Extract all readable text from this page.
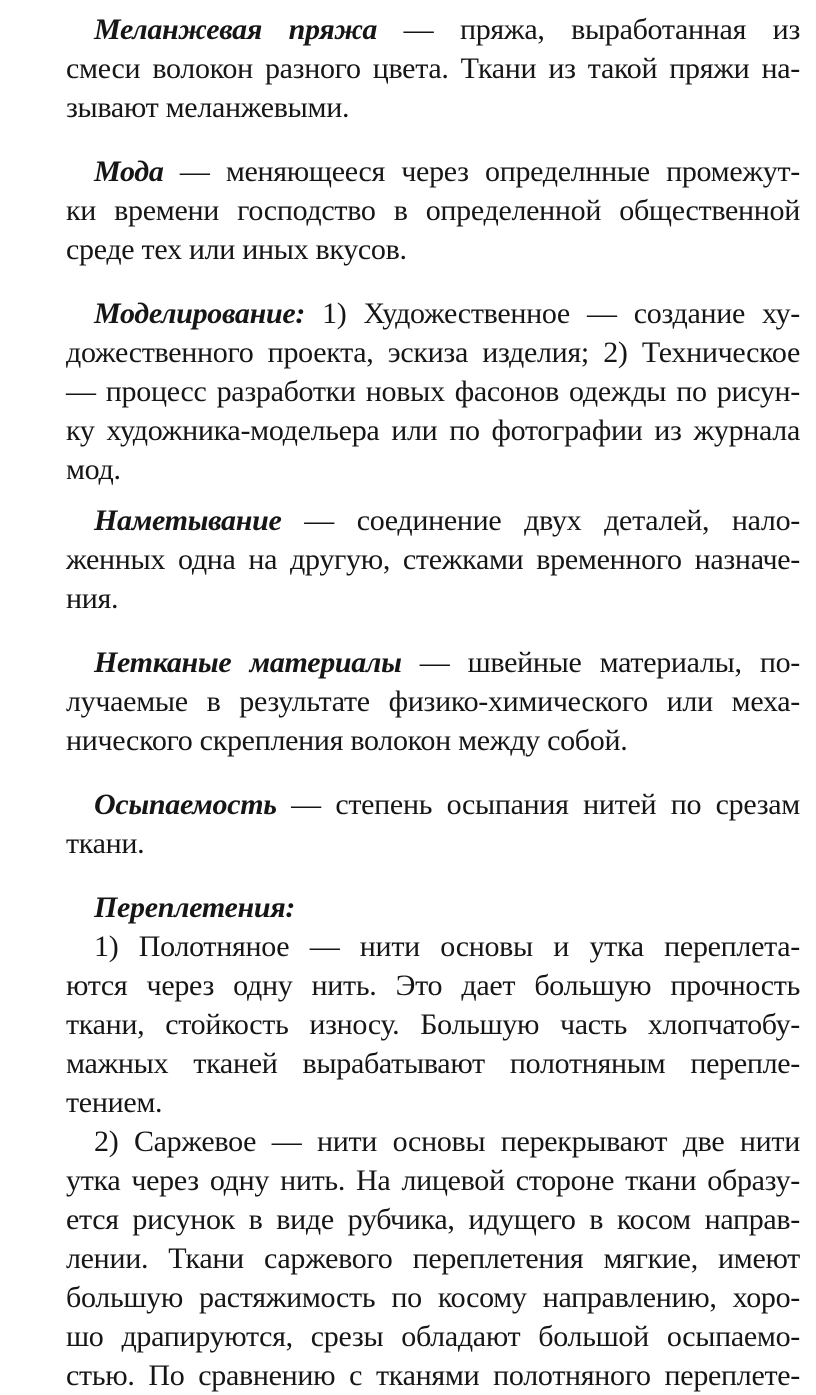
Меланжевая пряжа — пряжа, выработанная из
смеси волокон разного цвета. Ткани из такой пряжи на-
зывают меланжевыми.
Мода — меняющееся через определнные промежут-
ки времени господство в определенной общественной
среде тех или иных вкусов.
Моделирование: 1) Художественное — создание ху-
дожественного проекта, эскиза изделия; 2) Техническое
— процесс разработки новых фасонов одежды по рисун-
ку художника-модельера или по фотографии из журнала
мод.
Наметывание — соединение двух деталей, нало-
женных одна на другую, стежками временного назначе-
ния.
Нетканые материалы — швейные материалы, по-
лучаемые в результате физико-химического или меха-
нического скрепления волокон между собой.
Осыпаемость — степень осыпания нитей по срезам
ткани.
Переплетения:
1) Полотняное — нити основы и утка переплета-
ются через одну нить. Это дает большую прочность
ткани, стойкость износу. Большую часть хлопчатобу-
мажных тканей вырабатывают полотняным перепле-
тением.
2) Саржевое — нити основы перекрывают две нити
утка через одну нить. На лицевой стороне ткани образу-
ется рисунок в виде рубчика, идущего в косом направ-
лении. Ткани саржевого переплетения мягкие, имеют
большую растяжимость по косому направлению, хоро-
шо драпируются, срезы обладают большой осыпаемо-
стью. По сравнению с тканями полотняного переплете-
